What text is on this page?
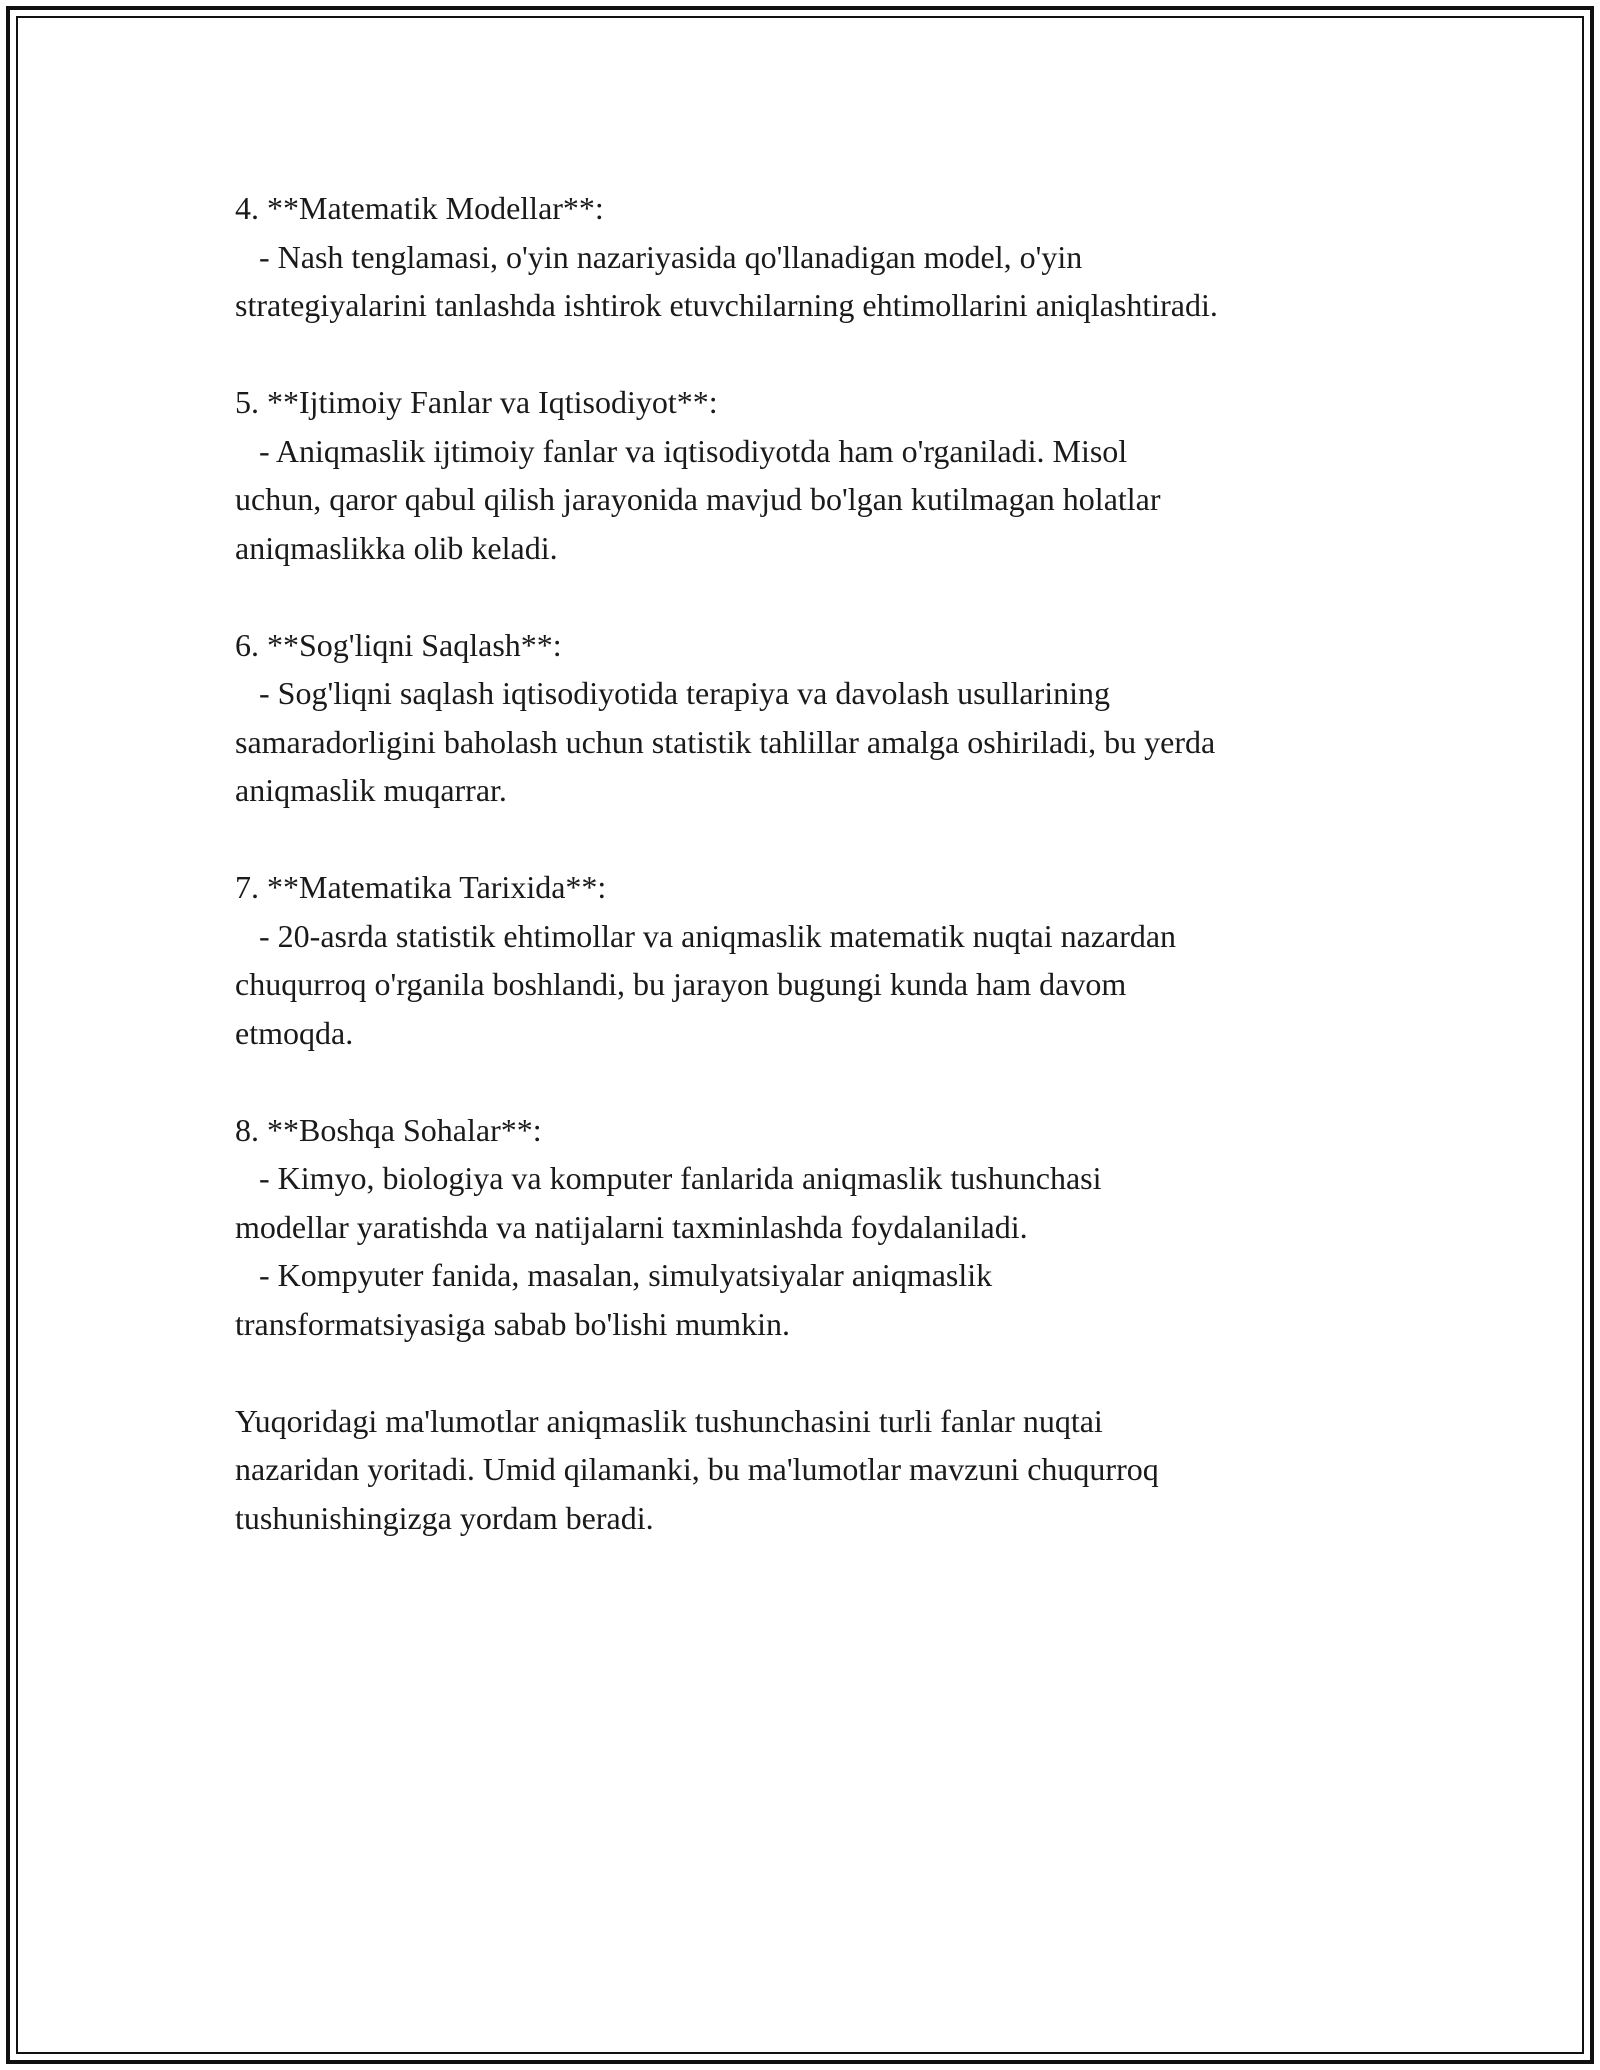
4. **Matematik Modellar**:
- Nash tenglamasi, o'yin nazariyasida qo'llanadigan model, o'yin
strategiyalarini tanlashda ishtirok etuvchilarning ehtimollarini aniqlashtiradi.
5. **Ijtimoiy Fanlar va Iqtisodiyot**:
- Aniqmaslik ijtimoiy fanlar va iqtisodiyotda ham o'rganiladi. Misol
uchun, qaror qabul qilish jarayonida mavjud bo'lgan kutilmagan holatlar
aniqmaslikka olib keladi.
6. **Sog'liqni Saqlash**:
- Sog'liqni saqlash iqtisodiyotida terapiya va davolash usullarining
samaradorligini baholash uchun statistik tahlillar amalga oshiriladi, bu yerda
aniqmaslik muqarrar.
7. **Matematika Tarixida**:
- 20-asrda statistik ehtimollar va aniqmaslik matematik nuqtai nazardan
chuqurroq o'rganila boshlandi, bu jarayon bugungi kunda ham davom
etmoqda.
8. **Boshqa Sohalar**:
- Kimyo, biologiya va komputer fanlarida aniqmaslik tushunchasi
modellar yaratishda va natijalarni taxminlashda foydalaniladi.
- Kompyuter fanida, masalan, simulyatsiyalar aniqmaslik
transformatsiyasiga sabab bo'lishi mumkin.
Yuqoridagi ma'lumotlar aniqmaslik tushunchasini turli fanlar nuqtai
nazaridan yoritadi. Umid qilamanki, bu ma'lumotlar mavzuni chuqurroq
tushunishingizga yordam beradi.
